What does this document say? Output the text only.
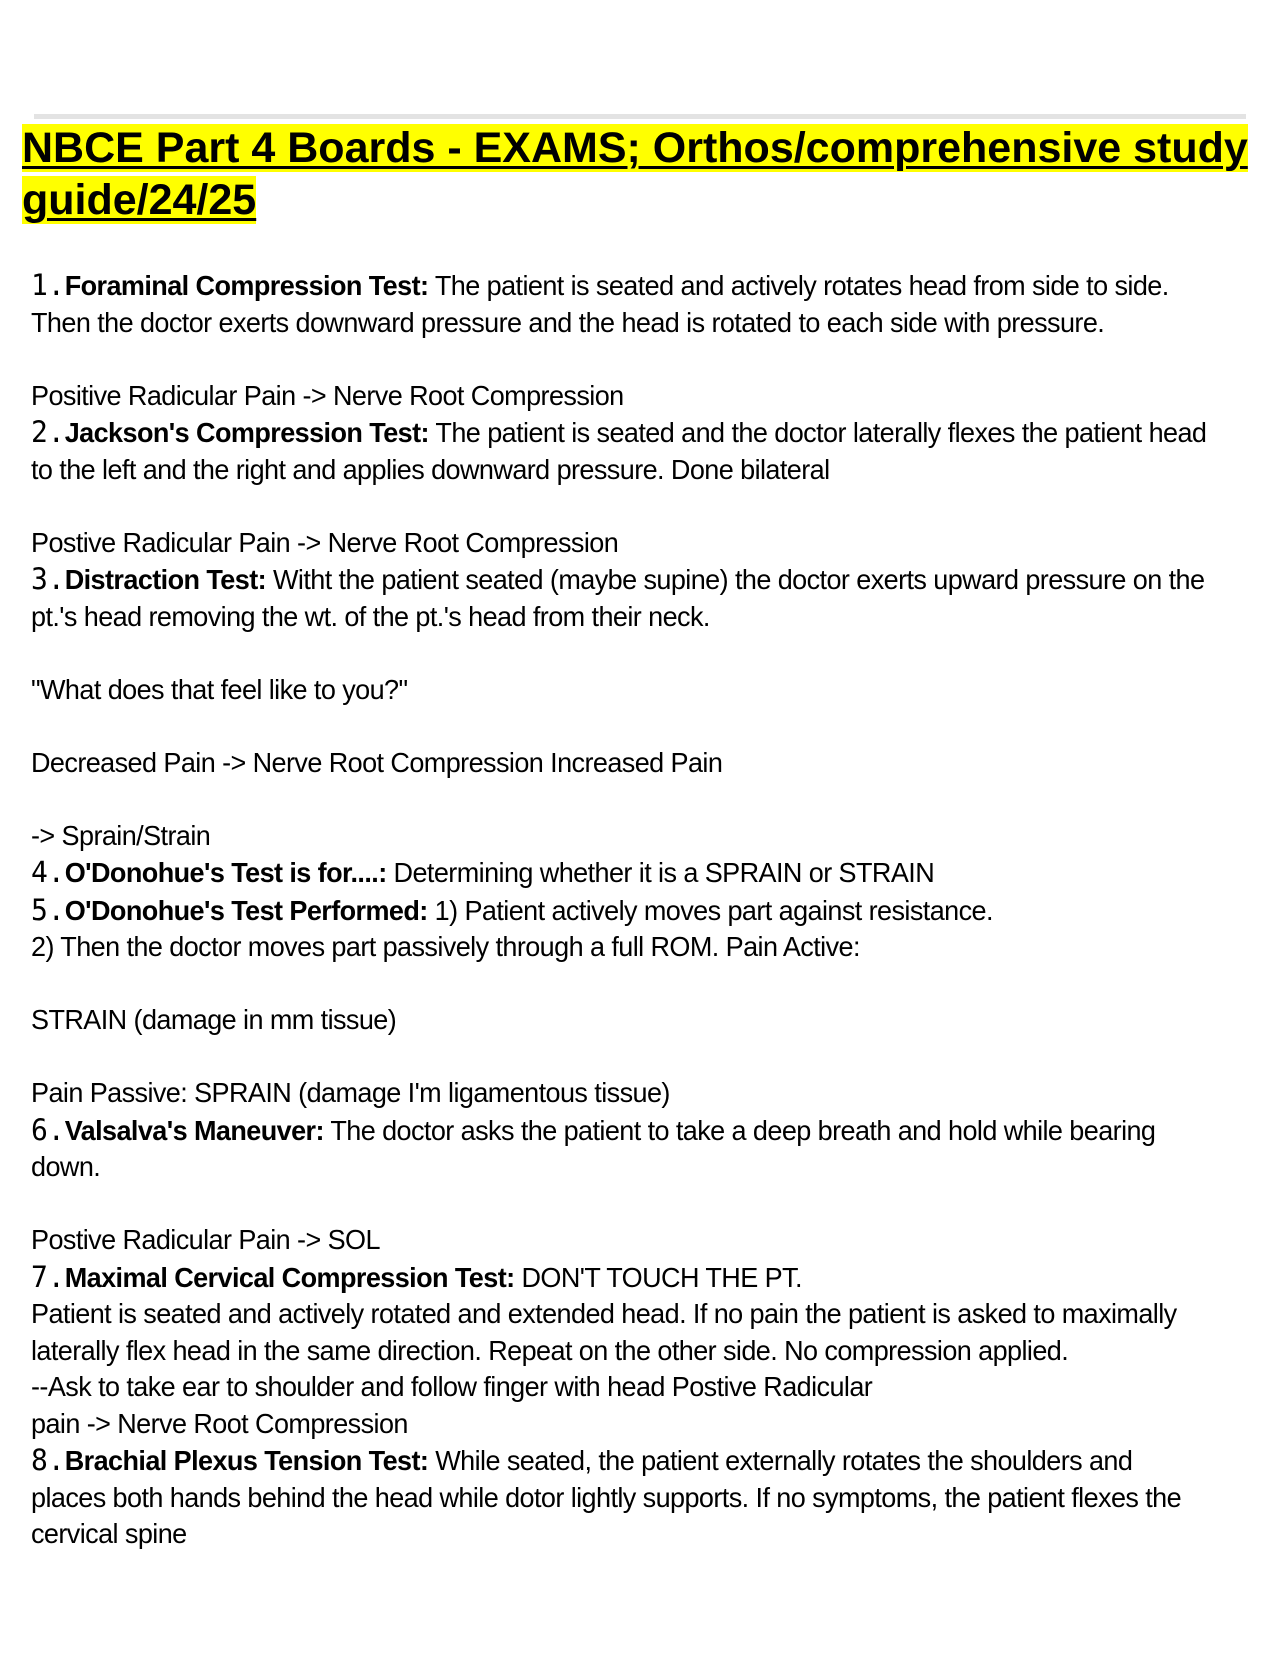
NBCE Part 4 Boards - EXAMS; Orthos/comprehensive study guide/24/25

1.Foraminal Compression Test: The patient is seated and actively rotates head from side to side. Then the doctor exerts downward pressure and the head is rotated to each side with pressure.

Positive Radicular Pain -> Nerve Root Compression

2.Jackson's Compression Test: The patient is seated and the doctor laterally flexes the patient head to the left and the right and applies downward pressure. Done bilateral

Postive Radicular Pain -> Nerve Root Compression

3.Distraction Test: Witht the patient seated (maybe supine) the doctor exerts upward pressure on the pt.'s head removing the wt. of the pt.'s head from their neck.

"What does that feel like to you?"

Decreased Pain -> Nerve Root Compression Increased Pain

-> Sprain/Strain

4.O'Donohue's Test is for....: Determining whether it is a SPRAIN or STRAIN

5.O'Donohue's Test Performed: 1) Patient actively moves part against resistance.

2) Then the doctor moves part passively through a full ROM. Pain Active:

STRAIN (damage in mm tissue)

Pain Passive: SPRAIN (damage I'm ligamentous tissue)

6.Valsalva's Maneuver: The doctor asks the patient to take a deep breath and hold while bearing down.

Postive Radicular Pain -> SOL

7.Maximal Cervical Compression Test: DON'T TOUCH THE PT.

Patient is seated and actively rotated and extended head. If no pain the patient is asked to maximally laterally flex head in the same direction. Repeat on the other side. No compression applied.

--Ask to take ear to shoulder and follow finger with head Postive Radicular

pain -> Nerve Root Compression

8.Brachial Plexus Tension Test: While seated, the patient externally rotates the shoulders and places both hands behind the head while dotor lightly supports. If no symptoms, the patient flexes the cervical spine
